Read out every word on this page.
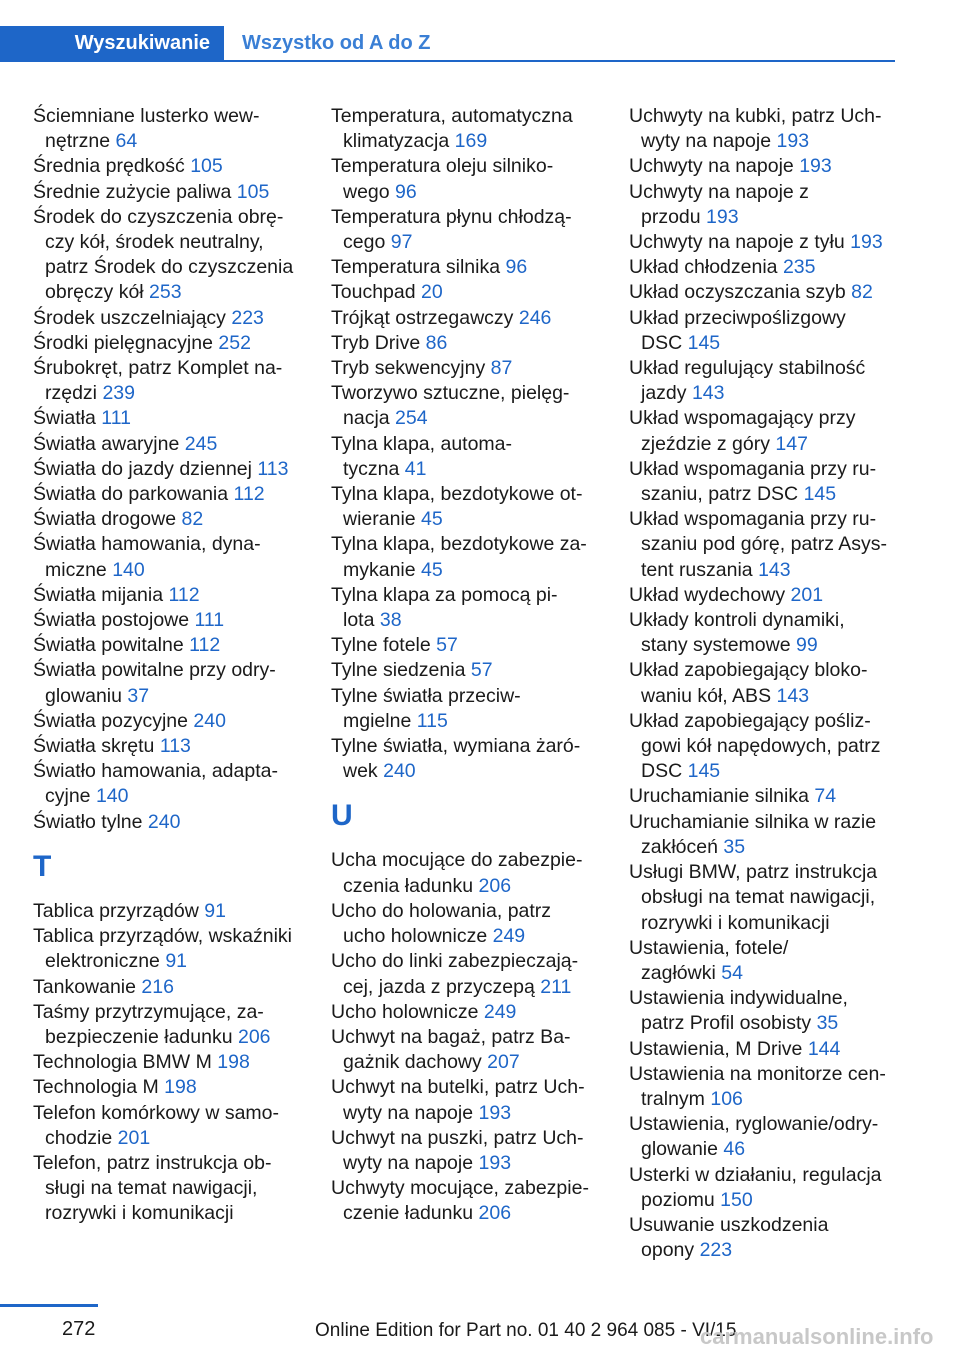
Wyszukiwanie	Wszystko od A do Z
Ściemniane lusterko wew-
nętrzne 64
Średnia prędkość 105
Średnie zużycie paliwa 105
Środek do czyszczenia obrę-
czy kół, środek neutralny,
patrz Środek do czyszczenia
obręczy kół 253
Środek uszczelniający 223
Środki pielęgnacyjne 252
Śrubokręt, patrz Komplet na-
rzędzi 239
Światła 111
Światła awaryjne 245
Światła do jazdy dziennej 113
Światła do parkowania 112
Światła drogowe 82
Światła hamowania, dyna-
miczne 140
Światła mijania 112
Światła postojowe 111
Światła powitalne 112
Światła powitalne przy odry-
glowaniu 37
Światła pozycyjne 240
Światła skrętu 113
Światło hamowania, adapta-
cyjne 140
Światło tylne 240
T
Tablica przyrządów 91
Tablica przyrządów, wskaźniki
elektroniczne 91
Tankowanie 216
Taśmy przytrzymujące, za-
bezpieczenie ładunku 206
Technologia BMW M 198
Technologia M 198
Telefon komórkowy w samo-
chodzie 201
Telefon, patrz instrukcja ob-
sługi na temat nawigacji,
rozrywki i komunikacji
Temperatura, automatyczna
klimatyzacja 169
Temperatura oleju silniko-
wego 96
Temperatura płynu chłodzą-
cego 97
Temperatura silnika 96
Touchpad 20
Trójkąt ostrzegawczy 246
Tryb Drive 86
Tryb sekwencyjny 87
Tworzywo sztuczne, pielęg-
nacja 254
Tylna klapa, automa-
tyczna 41
Tylna klapa, bezdotykowe ot-
wieranie 45
Tylna klapa, bezdotykowe za-
mykanie 45
Tylna klapa za pomocą pi-
lota 38
Tylne fotele 57
Tylne siedzenia 57
Tylne światła przeciw-
mgielne 115
Tylne światła, wymiana żaró-
wek 240
U
Ucha mocujące do zabezpie-
czenia ładunku 206
Ucho do holowania, patrz
ucho holownicze 249
Ucho do linki zabezpieczają-
cej, jazda z przyczepą 211
Ucho holownicze 249
Uchwyt na bagaż, patrz Ba-
gażnik dachowy 207
Uchwyt na butelki, patrz Uch-
wyty na napoje 193
Uchwyt na puszki, patrz Uch-
wyty na napoje 193
Uchwyty mocujące, zabezpie-
czenie ładunku 206
Uchwyty na kubki, patrz Uch-
wyty na napoje 193
Uchwyty na napoje 193
Uchwyty na napoje z
przodu 193
Uchwyty na napoje z tyłu 193
Układ chłodzenia 235
Układ oczyszczania szyb 82
Układ przeciwpoślizgowy
DSC 145
Układ regulujący stabilność
jazdy 143
Układ wspomagający przy
zjeździe z góry 147
Układ wspomagania przy ru-
szaniu, patrz DSC 145
Układ wspomagania przy ru-
szaniu pod górę, patrz Asys-
tent ruszania 143
Układ wydechowy 201
Układy kontroli dynamiki,
stany systemowe 99
Układ zapobiegający bloko-
waniu kół, ABS 143
Układ zapobiegający pośliz-
gowi kół napędowych, patrz
DSC 145
Uruchamianie silnika 74
Uruchamianie silnika w razie
zakłóceń 35
Usługi BMW, patrz instrukcja
obsługi na temat nawigacji,
rozrywki i komunikacji
Ustawienia, fotele/
zagłówki 54
Ustawienia indywidualne,
patrz Profil osobisty 35
Ustawienia, M Drive 144
Ustawienia na monitorze cen-
tralnym 106
Ustawienia, ryglowanie/odry-
glowanie 46
Usterki w działaniu, regulacja
poziomu 150
Usuwanie uszkodzenia
opony 223
272	Online Edition for Part no. 01 40 2 964 085 - VI/15
carmanualsonline.info
